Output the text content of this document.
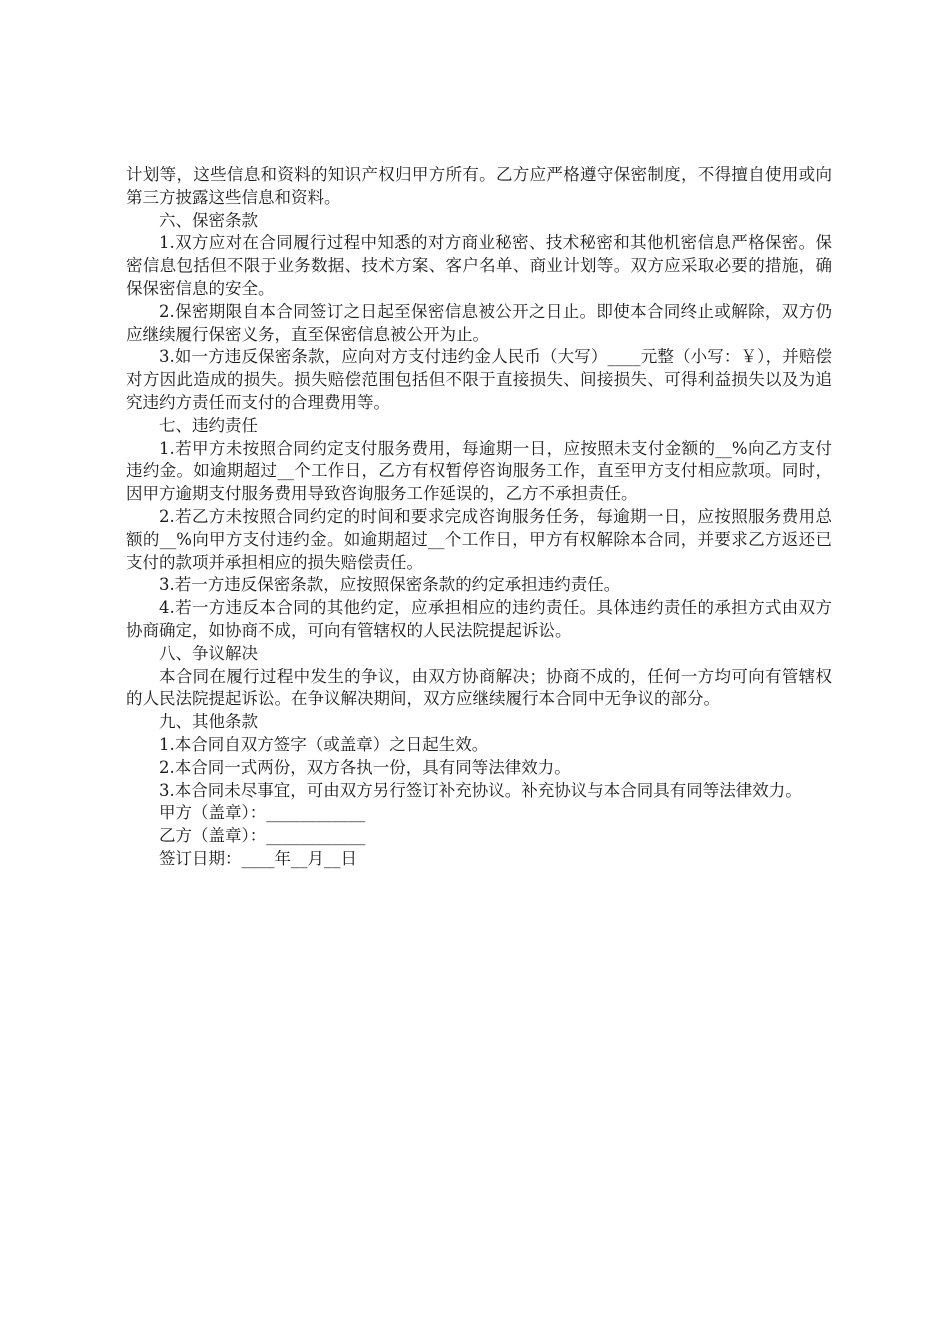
计划等，这些信息和资料的知识产权归甲方所有。乙方应严格遵守保密制度，不得擅自使用或向第三方披露这些信息和资料。

六、保密条款

1.双方应对在合同履行过程中知悉的对方商业秘密、技术秘密和其他机密信息严格保密。保密信息包括但不限于业务数据、技术方案、客户名单、商业计划等。双方应采取必要的措施，确保保密信息的安全。

2.保密期限自本合同签订之日起至保密信息被公开之日止。即使本合同终止或解除，双方仍应继续履行保密义务，直至保密信息被公开为止。

3.如一方违反保密条款，应向对方支付违约金人民币（大写）____元整（小写：￥），并赔偿对方因此造成的损失。损失赔偿范围包括但不限于直接损失、间接损失、可得利益损失以及为追究违约方责任而支付的合理费用等。

七、违约责任

1.若甲方未按照合同约定支付服务费用，每逾期一日，应按照未支付金额的__%向乙方支付违约金。如逾期超过__个工作日，乙方有权暂停咨询服务工作，直至甲方支付相应款项。同时，因甲方逾期支付服务费用导致咨询服务工作延误的，乙方不承担责任。

2.若乙方未按照合同约定的时间和要求完成咨询服务任务，每逾期一日，应按照服务费用总额的__%向甲方支付违约金。如逾期超过__个工作日，甲方有权解除本合同，并要求乙方返还已支付的款项并承担相应的损失赔偿责任。

3.若一方违反保密条款，应按照保密条款的约定承担违约责任。

4.若一方违反本合同的其他约定，应承担相应的违约责任。具体违约责任的承担方式由双方协商确定，如协商不成，可向有管辖权的人民法院提起诉讼。

八、争议解决

本合同在履行过程中发生的争议，由双方协商解决；协商不成的，任何一方均可向有管辖权的人民法院提起诉讼。在争议解决期间，双方应继续履行本合同中无争议的部分。

九、其他条款

1.本合同自双方签字（或盖章）之日起生效。

2.本合同一式两份，双方各执一份，具有同等法律效力。

3.本合同未尽事宜，可由双方另行签订补充协议。补充协议与本合同具有同等法律效力。

甲方（盖章）：____________

乙方（盖章）：____________

签订日期：____年__月__日
